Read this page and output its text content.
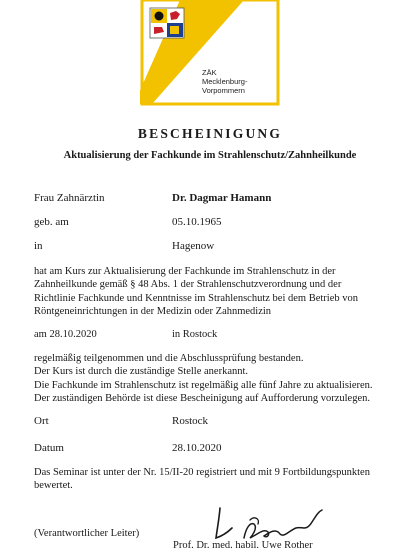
ZÄK
Mecklenburg-
Vorpommern
BESCHEINIGUNG
Aktualisierung der Fachkunde im Strahlenschutz/Zahnheilkunde
Frau Zahnärztin	Dr. Dagmar Hamann
geb. am	05.10.1965
in	Hagenow
hat am Kurs zur Aktualisierung der Fachkunde im Strahlenschutz in der
Zahnheilkunde gemäß § 48 Abs. 1 der Strahlenschutzverordnung und der
Richtlinie Fachkunde und Kenntnisse im Strahlenschutz bei dem Betrieb von
Röntgeneinrichtungen in der Medizin oder Zahnmedizin
am 28.10.2020	in Rostock
regelmäßig teilgenommen und die Abschlussprüfung bestanden.
Der Kurs ist durch die zuständige Stelle anerkannt.
Die Fachkunde im Strahlenschutz ist regelmäßig alle fünf Jahre zu aktualisieren.
Der zuständigen Behörde ist diese Bescheinigung auf Aufforderung vorzulegen.
Ort	Rostock
Datum	28.10.2020
Das Seminar ist unter der Nr. 15/II-20 registriert und mit 9 Fortbildungspunkten
bewertet.
(Verantwortlicher Leiter)
Prof. Dr. med. habil. Uwe Rother
